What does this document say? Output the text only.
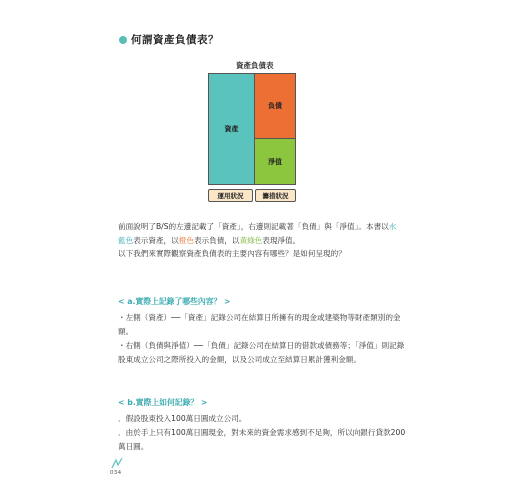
何謂資產負債表？
資產負債表
資產
負債
淨值
運用狀況	籌措狀況

前面說明了B/S的左邊記載了「資產」，右邊則記載著「負債」與「淨值」。本書以水藍色表示資產，以橙色表示負債，以黃綠色表現淨值。

以下我們來實際觀察資產負債表的主要內容有哪些？是如何呈現的？

< a.實際上記錄了哪些內容？ >

・左側（資產）──「資產」記錄公司在結算日所擁有的現金或建築物等財產類別的金額。

・右側（負債與淨值）──「負債」記錄公司在結算日的借款或債務等；「淨值」則記錄股東成立公司之際所投入的金額，以及公司成立至結算日累計獲利金額。

< b.實際上如何記錄？ >

．假設股東投入100萬日圓成立公司。

．由於手上只有100萬日圓現金，對未來的資金需求感到不足夠，所以向銀行貸款200萬日圓。

034
